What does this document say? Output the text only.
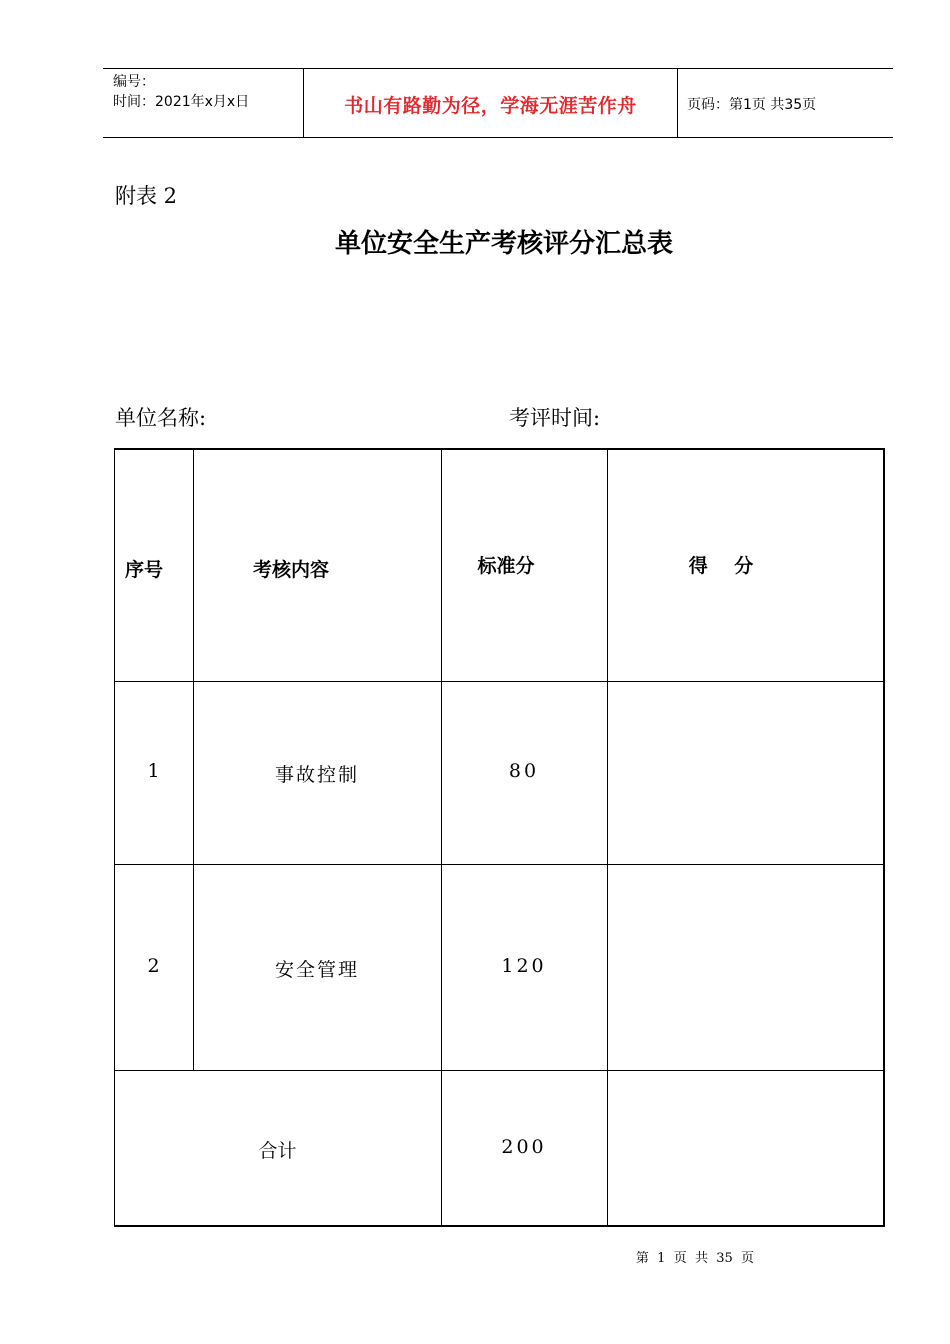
编号：
时间：2021年x月x日	书山有路勤为径，学海无涯苦作舟	页码：第1页 共35页
附表 2
单位安全生产考核评分汇总表
单位名称:	考评时间:
序号	考核内容	标准分	得    分
1	事故控制	80
2	安全管理	120
合计	200
第  1  页  共  35  页
